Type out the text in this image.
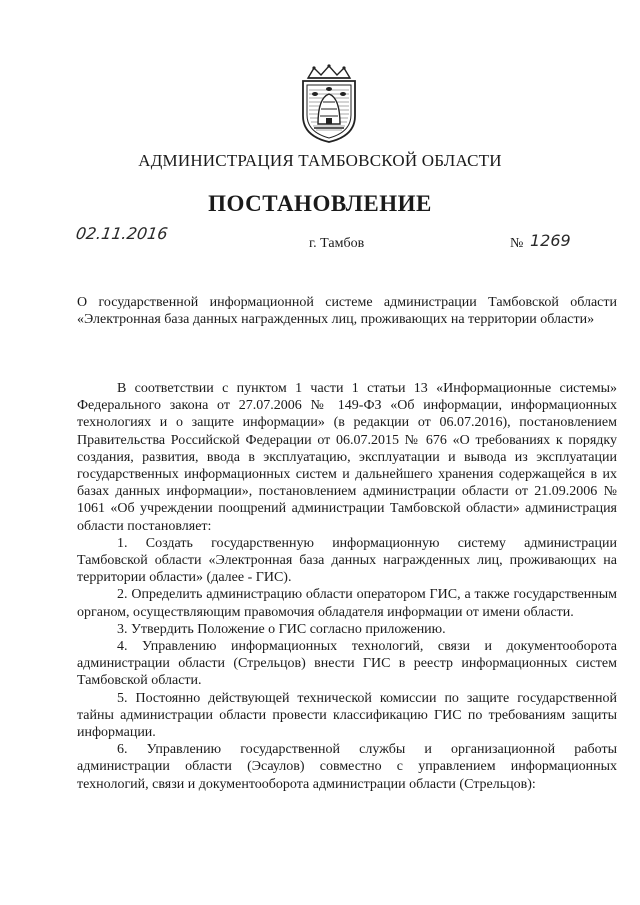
АДМИНИСТРАЦИЯ ТАМБОВСКОЙ ОБЛАСТИ
ПОСТАНОВЛЕНИЕ
02.11.2016
г. Тамбов	№ 1269
О государственной информационной системе администрации Тамбовской области «Электронная база данных награжденных лиц, проживающих на территории области»

В соответствии с пунктом 1 части 1 статьи 13 «Информационные системы» Федерального закона от 27.07.2006 № 149-ФЗ «Об информации, информационных технологиях и о защите информации» (в редакции от 06.07.2016), постановлением Правительства Российской Федерации от 06.07.2015 № 676 «О требованиях к порядку создания, развития, ввода в эксплуатацию, эксплуатации и вывода из эксплуатации государственных информационных систем и дальнейшего хранения содержащейся в их базах данных информации», постановлением администрации области от 21.09.2006 № 1061 «Об учреждении поощрений администрации Тамбовской области» администрация области постановляет:

1. Создать государственную информационную систему администрации Тамбовской области «Электронная база данных награжденных лиц, проживающих на территории области» (далее - ГИС).

2. Определить администрацию области оператором ГИС, а также государственным органом, осуществляющим правомочия обладателя информации от имени области.

3. Утвердить Положение о ГИС согласно приложению.

4. Управлению информационных технологий, связи и документооборота администрации области (Стрельцов) внести ГИС в реестр информационных систем Тамбовской области.

5. Постоянно действующей технической комиссии по защите государственной тайны администрации области провести классификацию ГИС по требованиям защиты информации.

6. Управлению государственной службы и организационной работы администрации области (Эсаулов) совместно с управлением информационных технологий, связи и документооборота администрации области (Стрельцов):
